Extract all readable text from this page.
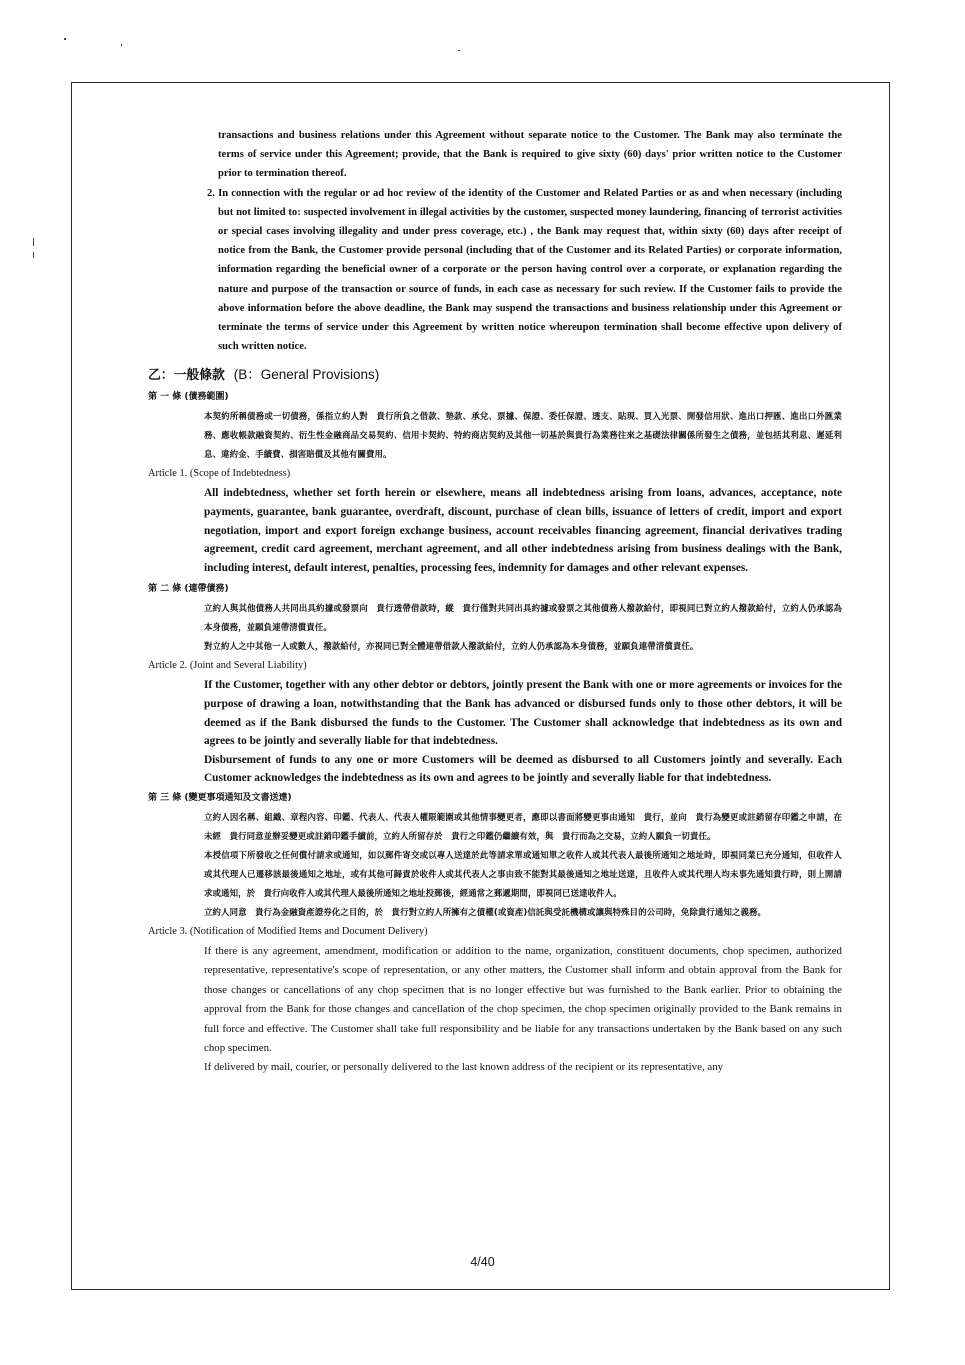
transactions and business relations under this Agreement without separate notice to the Customer. The Bank may also terminate the terms of service under this Agreement; provide, that the Bank is required to give sixty (60) days' prior written notice to the Customer prior to termination thereof.

2. In connection with the regular or ad hoc review of the identity of the Customer and Related Parties or as and when necessary (including but not limited to: suspected involvement in illegal activities by the customer, suspected money laundering, financing of terrorist activities or special cases involving illegality and under press coverage, etc.) , the Bank may request that, within sixty (60) days after receipt of notice from the Bank, the Customer provide personal (including that of the Customer and its Related Parties) or corporate information, information regarding the beneficial owner of a corporate or the person having control over a corporate, or explanation regarding the nature and purpose of the transaction or source of funds, in each case as necessary for such review. If the Customer fails to provide the above information before the above deadline, the Bank may suspend the transactions and business relationship under this Agreement or terminate the terms of service under this Agreement by written notice whereupon termination shall become effective upon delivery of such written notice.

乙：一般條款 (B：General Provisions)

第 一 條 (債務範圍)

本契約所稱債務或一切債務，係指立約人對　貴行所負之借款、墊款、承兌、票據、保證、委任保證、透支、貼現、買入光票、開發信用狀、進出口押匯、進出口外匯業務、應收帳款融資契約、衍生性金融商品交易契約、信用卡契約、特約商店契約及其他一切基於與貴行為業務往來之基礎法律關係所發生之債務，並包括其利息、遲延利息、違約金、手續費、損害賠償及其他有關費用。

Article 1. (Scope of Indebtedness)

All indebtedness, whether set forth herein or elsewhere, means all indebtedness arising from loans, advances, acceptance, note payments, guarantee, bank guarantee, overdraft, discount, purchase of clean bills, issuance of letters of credit, import and export negotiation, import and export foreign exchange business, account receivables financing agreement, financial derivatives trading agreement, credit card agreement, merchant agreement, and all other indebtedness arising from business dealings with the Bank, including interest, default interest, penalties, processing fees, indemnity for damages and other relevant expenses.

第 二 條 (連帶債務)

立約人與其他債務人共同出具約據或發票向　貴行透帶借款時，縱　貴行僅對共同出具約據或發票之其他債務人撥款給付，即視同已對立約人撥款給付，立約人仍承認為本身債務，並願負連帶清償責任。

對立約人之中其他一人或數人，撥款給付，亦視同已對全體連帶借款人撥款給付，立約人仍承認為本身債務，並願負連帶清償責任。

Article 2. (Joint and Several Liability)

If the Customer, together with any other debtor or debtors, jointly present the Bank with one or more agreements or invoices for the purpose of drawing a loan, notwithstanding that the Bank has advanced or disbursed funds only to those other debtors, it will be deemed as if the Bank disbursed the funds to the Customer. The Customer shall acknowledge that indebtedness as its own and agrees to be jointly and severally liable for that indebtedness.

Disbursement of funds to any one or more Customers will be deemed as disbursed to all Customers jointly and severally. Each Customer acknowledges the indebtedness as its own and agrees to be jointly and severally liable for that indebtedness.

第 三 條 (變更事項通知及文書送達)

立約人因名稱、組織、章程內容、印鑑、代表人、代表人權限範圍或其他情事變更者，應即以書面將變更事由通知　貴行，並向　貴行為變更或註銷留存印鑑之申請，在未經　貴行同意並辦妥變更或註銷印鑑手續前，立約人所留存於　貴行之印鑑仍繼續有效，與　貴行而為之交易，立約人願負一切責任。

本授信項下所發收之任何償付請求或通知，如以郵件寄交或以專人送達於此等請求單或通知單之收件人或其代表人最後所通知之地址時，即視同業已充分通知，但收件人或其代理人已遷移該最後通知之地址，或有其他可歸責於收件人或其代表人之事由致不能對其最後通知之地址送達，且收件人或其代理人均未事先通知貴行時，則上開請求或通知，於　貴行向收件人或其代理人最後所通知之地址投郵後，經通常之郵遞期間，即視同已送達收件人。

立約人同意　貴行為金融資產證券化之目的，於　貴行對立約人所擁有之債權(或資產)信託與受託機構或讓與特殊目的公司時，免除貴行通知之義務。

Article 3. (Notification of Modified Items and Document Delivery)

If there is any agreement, amendment, modification or addition to the name, organization, constituent documents, chop specimen, authorized representative, representative's scope of representation, or any other matters, the Customer shall inform and obtain approval from the Bank for those changes or cancellations of any chop specimen that is no longer effective but was furnished to the Bank earlier. Prior to obtaining the approval from the Bank for those changes and cancellation of the chop specimen, the chop specimen originally provided to the Bank remains in full force and effective. The Customer shall take full responsibility and be liable for any transactions undertaken by the Bank based on any such chop specimen.

If delivered by mail, courier, or personally delivered to the last known address of the recipient or its representative, any

4/40
